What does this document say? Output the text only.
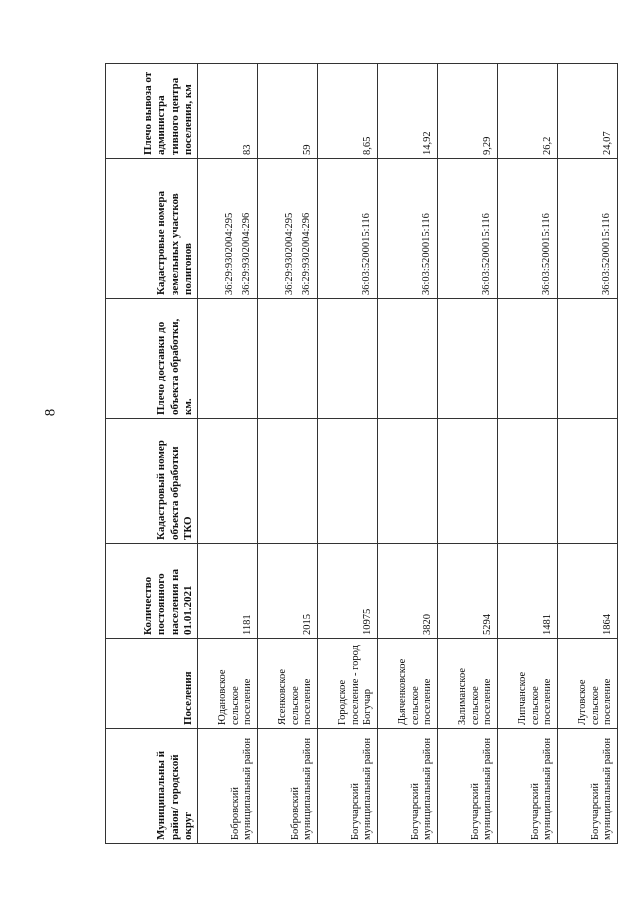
8
Муниципальны й район/ городской округ	Поселения	Количество постоянного населения на 01.01.2021	Кадастровый номер объекта обработки ТКО	Плечо доставки до объекта обработки, км.	Кадастровые номера земельных участков полигонов	Плечо вывоза от администра тивного центра поселения, км
Бобровский муниципальный район	Юдановское сельское поселение	1181			36:29:9302004:295 36:29:9302004:296	83
Бобровский муниципальный район	Ясенковское сельское поселение	2015			36:29:9302004:295 36:29:9302004:296	59
Богучарский муниципальный район	Городское поселение - город Богучар	10975			36:03:5200015:116	8,65
Богучарский муниципальный район	Дьяченковское сельское поселение	3820			36:03:5200015:116	14,92
Богучарский муниципальный район	Залиманское сельское поселение	5294			36:03:5200015:116	9,29
Богучарский муниципальный район	Липчанское сельское поселение	1481			36:03:5200015:116	26,2
Богучарский муниципальный район	Луговское сельское поселение	1864			36:03:5200015:116	24,07
